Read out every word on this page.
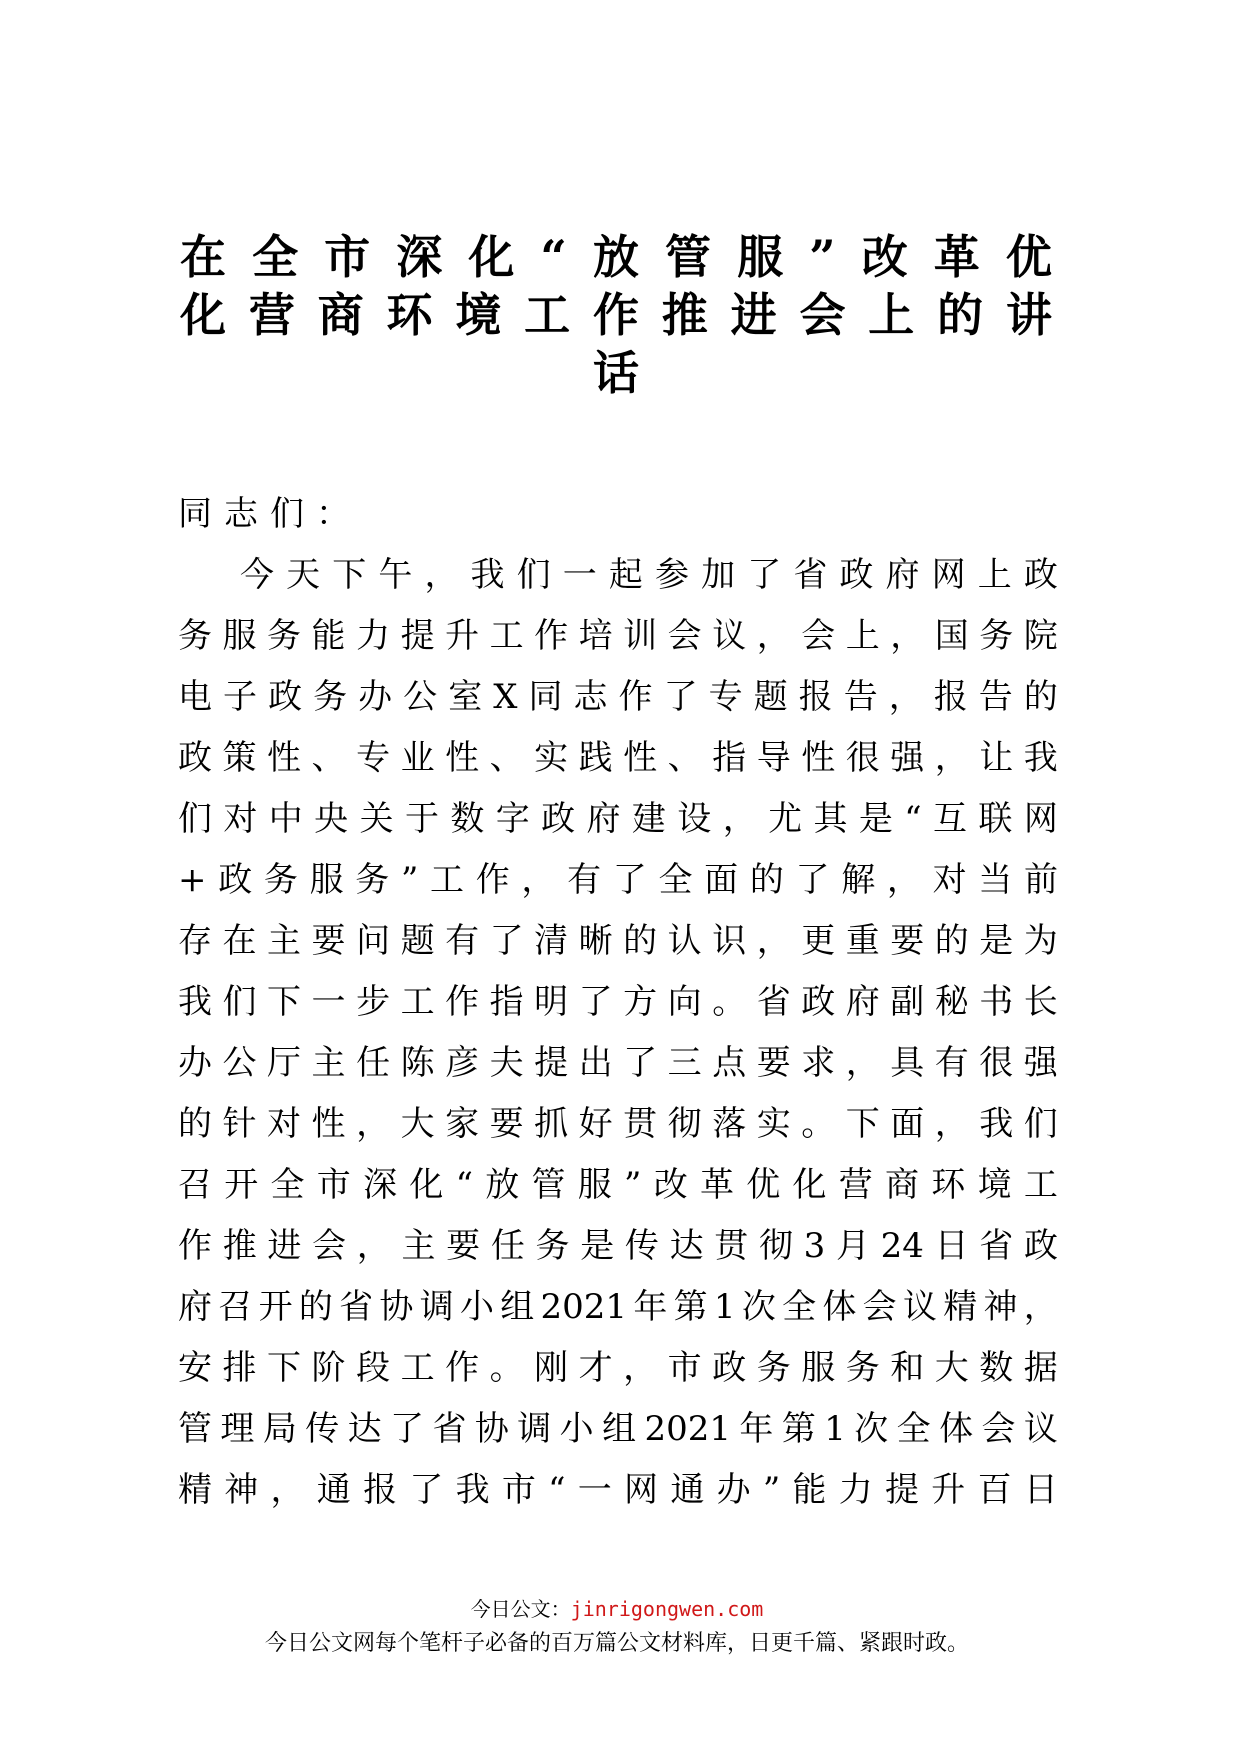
在 全 市 深 化 “ 放 管 服 ” 改 革 优
化 营 商 环 境 工 作 推 进 会 上 的 讲
话
同志们：
今 天 下 午 ， 我 们 一 起 参 加 了 省 政 府 网 上 政
务 服 务 能 力 提 升 工 作 培 训 会 议 ， 会 上 ， 国 务 院
电 子 政 务 办 公 室 X 同 志 作 了 专 题 报 告 ， 报 告 的
政 策 性 、 专 业 性 、 实 践 性 、 指 导 性 很 强 ， 让 我
们 对 中 央 关 于 数 字 政 府 建 设 ， 尤 其 是 “ 互 联 网
+ 政 务 服 务 ” 工 作 ， 有 了 全 面 的 了 解 ， 对 当 前
存 在 主 要 问 题 有 了 清 晰 的 认 识 ， 更 重 要 的 是 为
我 们 下 一 步 工 作 指 明 了 方 向 。 省 政 府 副 秘 书 长
办 公 厅 主 任 陈 彦 夫 提 出 了 三 点 要 求 ， 具 有 很 强
的 针 对 性 ， 大 家 要 抓 好 贯 彻 落 实 。 下 面 ， 我 们
召 开 全 市 深 化 “ 放 管 服 ” 改 革 优 化 营 商 环 境 工
作 推 进 会 ， 主 要 任 务 是 传 达 贯 彻 3 月 24 日 省 政
府 召 开 的 省 协 调 小 组 2021 年 第 1 次 全 体 会 议 精 神 ，
安 排 下 阶 段 工 作 。 刚 才 ， 市 政 务 服 务 和 大 数 据
管 理 局 传 达 了 省 协 调 小 组 2021 年 第 1 次 全 体 会 议
精 神 ， 通 报 了 我 市 “ 一 网 通 办 ” 能 力 提 升 百 日
今日公文：jinrigongwen.com
今日公文网每个笔杆子必备的百万篇公文材料库，日更千篇、紧跟时政。
